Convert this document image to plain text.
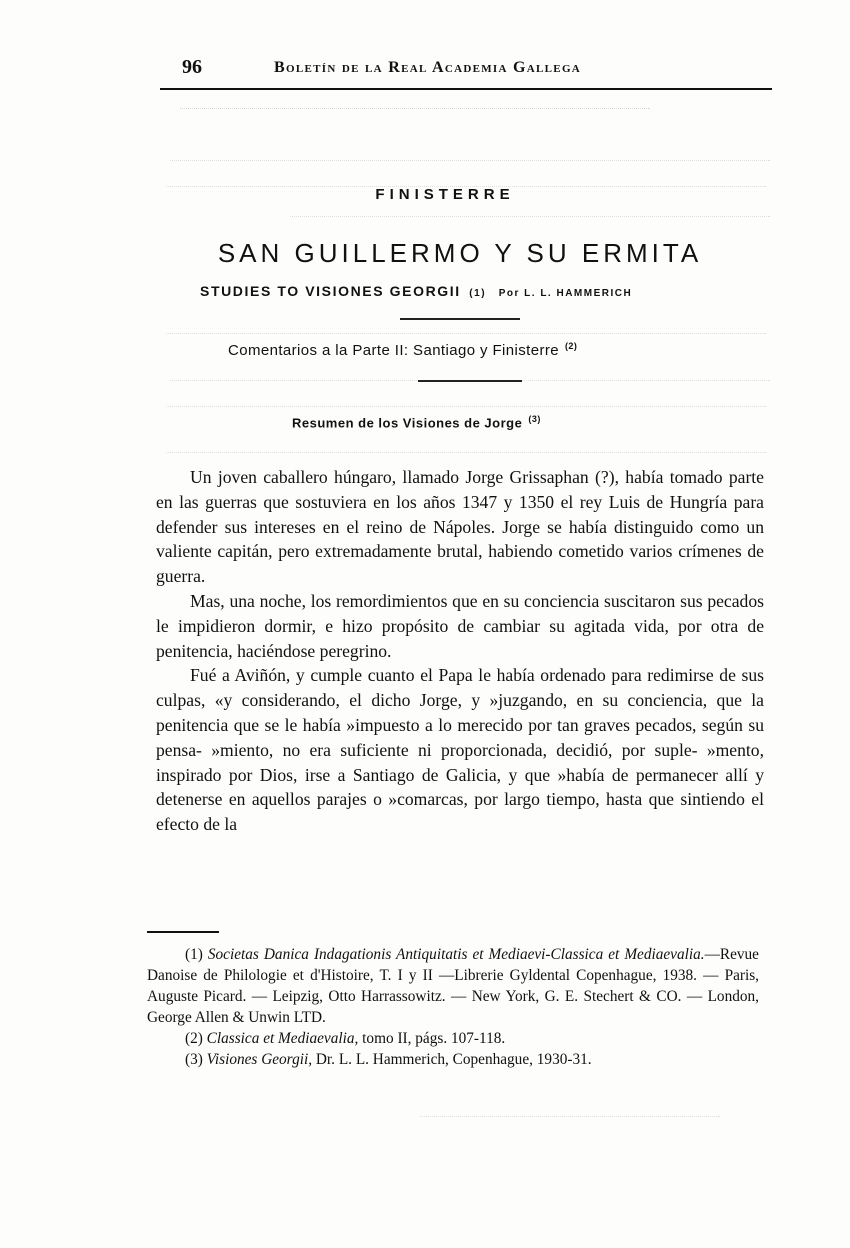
96	Boletín de la Real Academia Gallega
FINISTERRE
SAN GUILLERMO Y SU ERMITA
STUDIES TO VISIONES GEORGII (1) Por L. L. HAMMERICH
Comentarios a la Parte II: Santiago y Finisterre $^{(2)}$
Resumen de los Visiones de Jorge $^{(3)}$

Un joven caballero húngaro, llamado Jorge Grissaphan (?), había tomado parte en las guerras que sostuviera en los años 1347 y 1350 el rey Luis de Hungría para defender sus intereses en el reino de Nápoles. Jorge se había distinguido como un valiente capitán, pero extremadamente brutal, habiendo cometido varios crímenes de guerra.

Mas, una noche, los remordimientos que en su conciencia suscitaron sus pecados le impidieron dormir, e hizo propósito de cambiar su agitada vida, por otra de penitencia, haciéndose peregrino.

Fué a Aviñón, y cumple cuanto el Papa le había ordenado para redimirse de sus culpas, «y considerando, el dicho Jorge, y »juzgando, en su conciencia, que la penitencia que se le había »impuesto a lo merecido por tan graves pecados, según su pensa- »miento, no era suficiente ni proporcionada, decidió, por suple- »mento, inspirado por Dios, irse a Santiago de Galicia, y que »había de permanecer allí y detenerse en aquellos parajes o »comarcas, por largo tiempo, hasta que sintiendo el efecto de la

(1) Societas Danica Indagationis Antiquitatis et Mediaevi-Classica et Mediaevalia.—Revue Danoise de Philologie et d'Histoire, T. I y II —Librerie Gyldental Copenhague, 1938. — Paris, Auguste Picard. — Leipzig, Otto Harrassowitz. — New York, G. E. Stechert & CO. — London, George Allen & Unwin LTD.

(2) Classica et Mediaevalia, tomo II, págs. 107-118.

(3) Visiones Georgii, Dr. L. L. Hammerich, Copenhague, 1930-31.
